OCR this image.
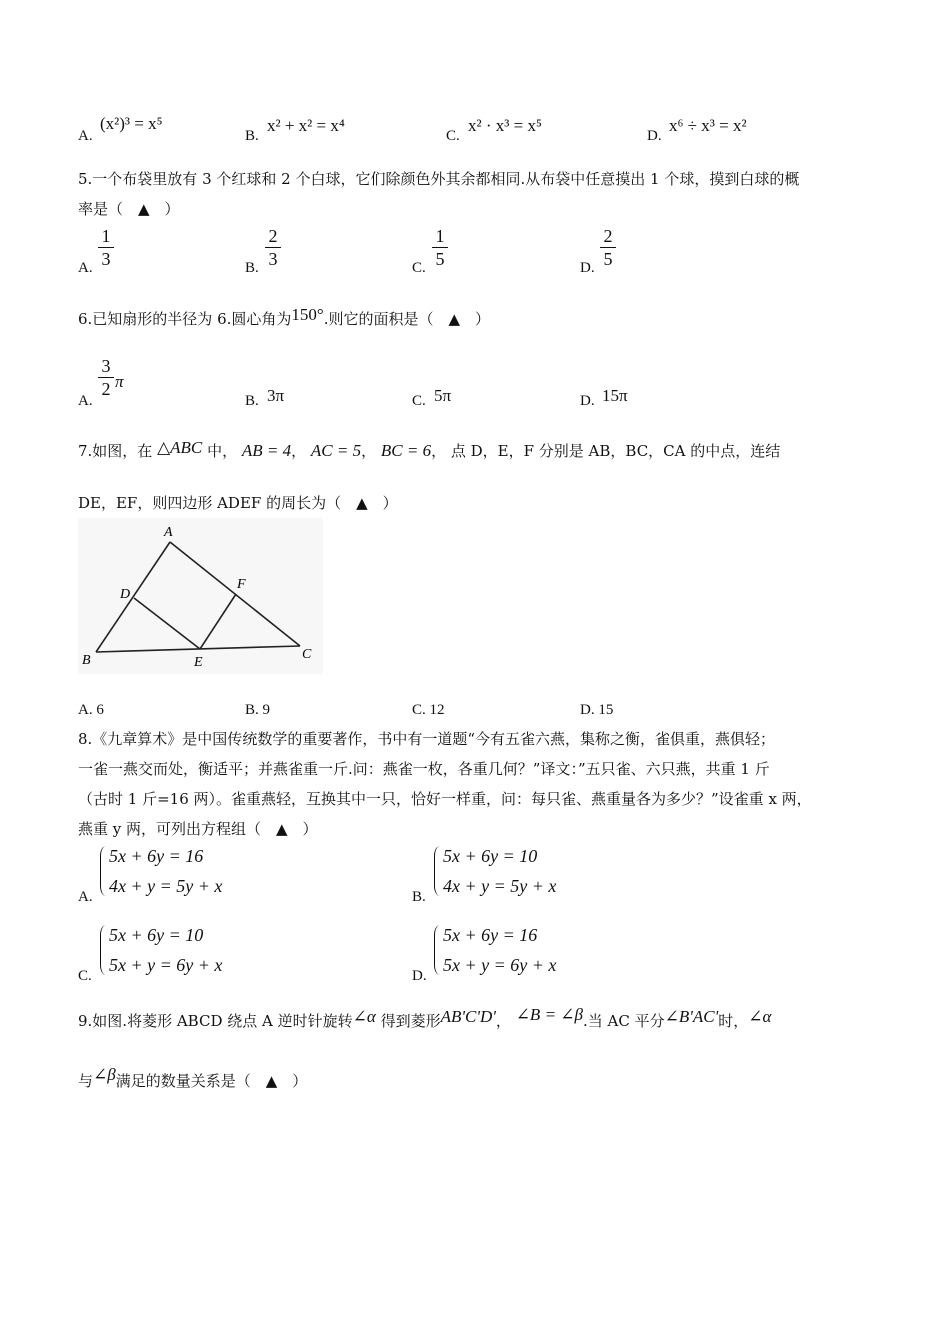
A.
(x²)³ = x⁵
B.
x² + x² = x⁴
C.
x² · x³ = x⁵
D.
x⁶ ÷ x³ = x²
5.一个布袋里放有 3 个红球和 2 个白球，它们除颜色外其余都相同.从布袋中任意摸出 1 个球，摸到白球的概
率是（　▲　）
A.
1
3	B.
2
3	C.
1
5	D.
2
5
6.已知扇形的半径为 6.圆心角为150°.则它的面积是（　▲　）
A.
3
2 π
B. 3π	C. 5π	D. 15π
7.如图，在 △ABC 中， AB = 4， AC = 5， BC = 6， 点 D，E，F 分别是 AB，BC，CA 的中点，连结
DE，EF，则四边形 ADEF 的周长为（　▲　）
A
B	C
D
E
F
A. 6	B. 9	C. 12	D. 15
8.《九章算术》是中国传统数学的重要著作，书中有一道题“今有五雀六燕，集称之衡，雀俱重，燕俱轻；
一雀一燕交而处，衡适平；并燕雀重一斤.问：燕雀一枚，各重几何？”译文：”五只雀、六只燕，共重 1 斤
（古时 1 斤=16 两）。雀重燕轻，互换其中一只，恰好一样重，问：每只雀、燕重量各为多少？”设雀重 x 两，
燕重 y 两，可列出方程组（　▲　）
A.
5x + 6y = 16
4x + y = 5y + x
B.
5x + 6y = 10
4x + y = 5y + x
C.
5x + 6y = 10
5x + y = 6y + x
D.
5x + 6y = 16
5x + y = 6y + x
9.如图.将菱形 ABCD 绕点 A 逆时针旋转∠α 得到菱形AB'C'D'， ∠B = ∠β.当 AC 平分∠B'AC'时，∠α
与∠β满足的数量关系是（　▲　）
